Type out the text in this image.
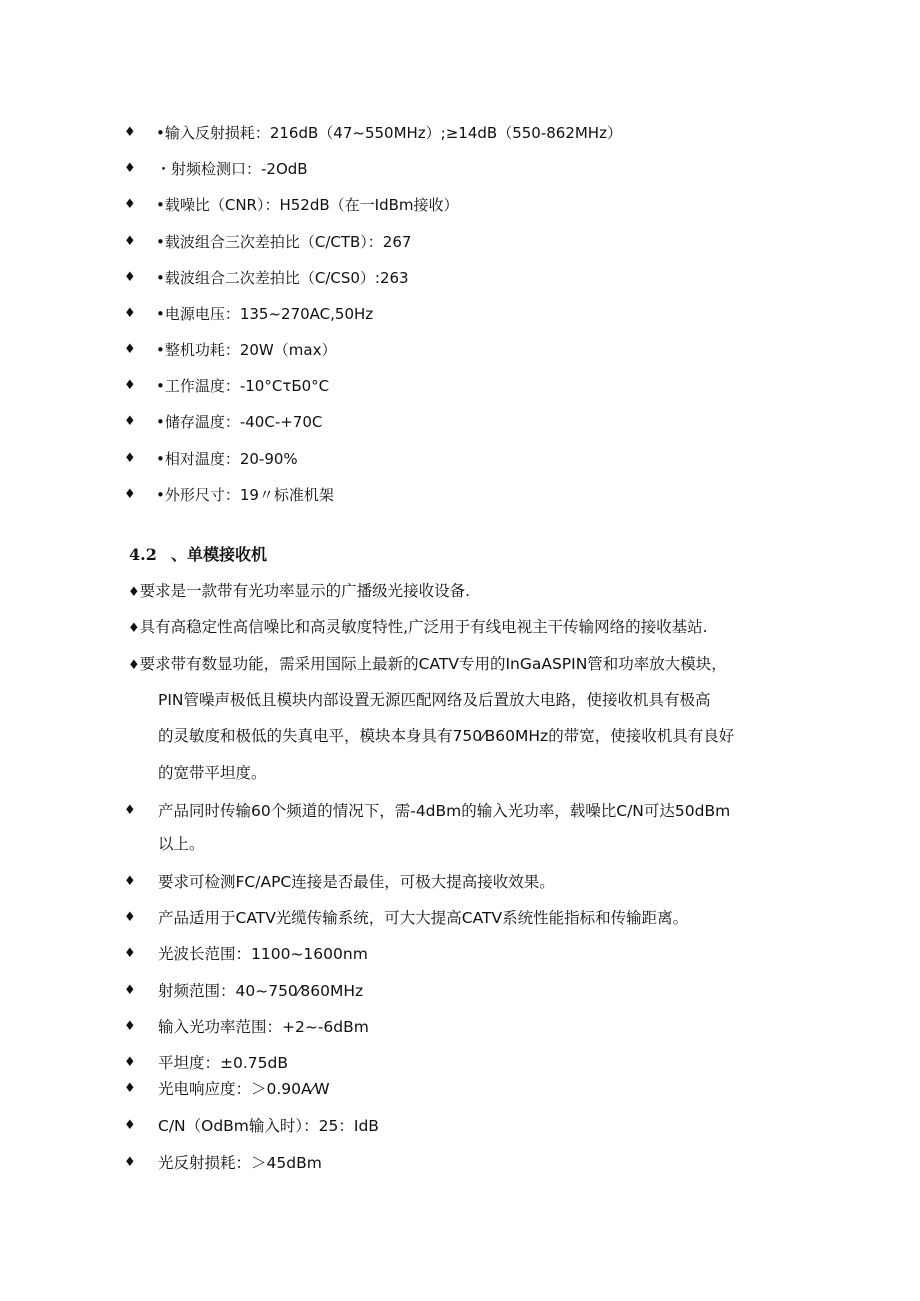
♦ •输入反射损耗：216dB（47~550MHz）;≥14dB（550-862MHz）
♦ ・射频检测口：-2OdB
♦ •载噪比（CNR）：H52dB（在一IdBm接收）
♦ •载波组合三次差拍比（C/CTB）：267
♦ •载波组合二次差拍比（C/CS0）:263
♦ •电源电压：135~270AC,50Hz
♦ •整机功耗：20W（max）
♦ •工作温度：-10°CτБ0°C
♦ •储存温度：-40C-+70C
♦ •相对温度：20-90%
♦ •外形尺寸：19〃标准机架
4.2 、单模接收机
♦要求是一款带有光功率显示的广播级光接收设备.
♦具有高稳定性高信噪比和高灵敏度特性,广泛用于有线电视主干传输网络的接收基站.
♦要求带有数显功能，需采用国际上最新的CATV专用的InGaASPIN管和功率放大模块，
PIN管噪声极低且模块内部设置无源匹配网络及后置放大电路，使接收机具有极高
的灵敏度和极低的失真电平，模块本身具有750⁄B60MHz的带宽，使接收机具有良好
的宽带平坦度。
♦ 产品同时传输60个频道的情况下，需-4dBm的输入光功率，载噪比C/N可达50dBm
以上。
♦ 要求可检测FC/APC连接是否最佳，可极大提高接收效果。
♦ 产品适用于CATV光缆传输系统，可大大提高CATV系统性能指标和传输距离。
♦ 光波长范围：1100~1600nm
♦ 射频范围：40~750⁄860MHz
♦ 输入光功率范围：+2~-6dBm
♦ 平坦度：±0.75dB
♦ 光电响应度：＞0.90A⁄W
♦ C/N（OdBm输入时）：25：IdB
♦ 光反射损耗：＞45dBm
